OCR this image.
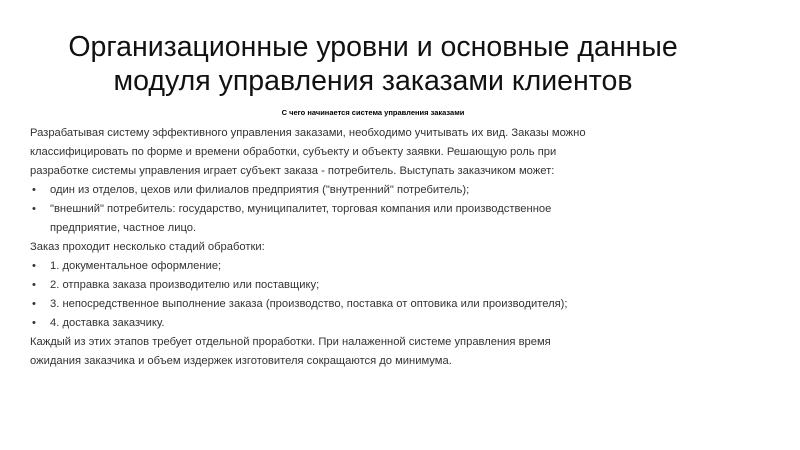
Организационные уровни и основные данные
модуля управления заказами клиентов
С чего начинается система управления заказами

Разрабатывая систему эффективного управления заказами, необходимо учитывать их вид. Заказы можно
классифицировать по форме и времени обработки, субъекту и объекту заявки. Решающую роль при
разработке системы управления играет субъект заказа - потребитель. Выступать заказчиком может:

• один из отделов, цехов или филиалов предприятия ("внутренний" потребитель);
• "внешний" потребитель: государство, муниципалитет, торговая компания или производственное
предприятие, частное лицо.

Заказ проходит несколько стадий обработки:

• 1. документальное оформление;
• 2. отправка заказа производителю или поставщику;
• 3. непосредственное выполнение заказа (производство, поставка от оптовика или производителя);
• 4. доставка заказчику.

Каждый из этих этапов требует отдельной проработки. При налаженной системе управления время
ожидания заказчика и объем издержек изготовителя сокращаются до минимума.
